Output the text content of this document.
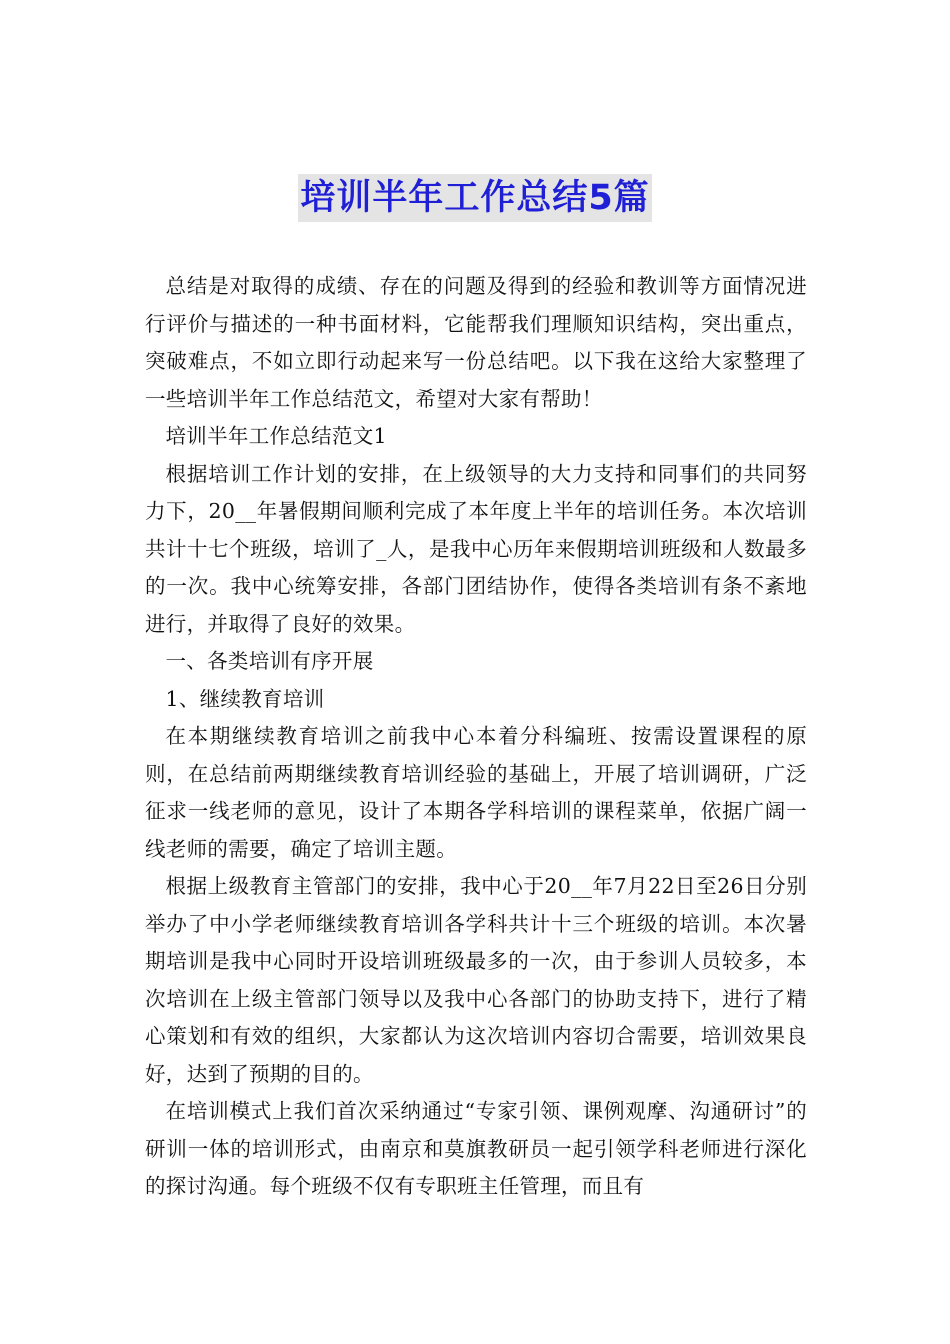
培训半年工作总结5篇

总结是对取得的成绩、存在的问题及得到的经验和教训等方面情况进行评价与描述的一种书面材料，它能帮我们理顺知识结构，突出重点，突破难点，不如立即行动起来写一份总结吧。以下我在这给大家整理了一些培训半年工作总结范文，希望对大家有帮助！

培训半年工作总结范文1

根据培训工作计划的安排，在上级领导的大力支持和同事们的共同努力下，20__年暑假期间顺利完成了本年度上半年的培训任务。本次培训共计十七个班级，培训了_人，是我中心历年来假期培训班级和人数最多的一次。我中心统筹安排，各部门团结协作，使得各类培训有条不紊地进行，并取得了良好的效果。

一、各类培训有序开展

1、继续教育培训

在本期继续教育培训之前我中心本着分科编班、按需设置课程的原则，在总结前两期继续教育培训经验的基础上，开展了培训调研，广泛征求一线老师的意见，设计了本期各学科培训的课程菜单，依据广阔一线老师的需要，确定了培训主题。

根据上级教育主管部门的安排，我中心于20__年7月22日至26日分别举办了中小学老师继续教育培训各学科共计十三个班级的培训。本次暑期培训是我中心同时开设培训班级最多的一次，由于参训人员较多，本次培训在上级主管部门领导以及我中心各部门的协助支持下，进行了精心策划和有效的组织，大家都认为这次培训内容切合需要，培训效果良好，达到了预期的目的。

在培训模式上我们首次采纳通过“专家引领、课例观摩、沟通研讨”的研训一体的培训形式，由南京和莫旗教研员一起引领学科老师进行深化的探讨沟通。每个班级不仅有专职班主任管理，而且有
